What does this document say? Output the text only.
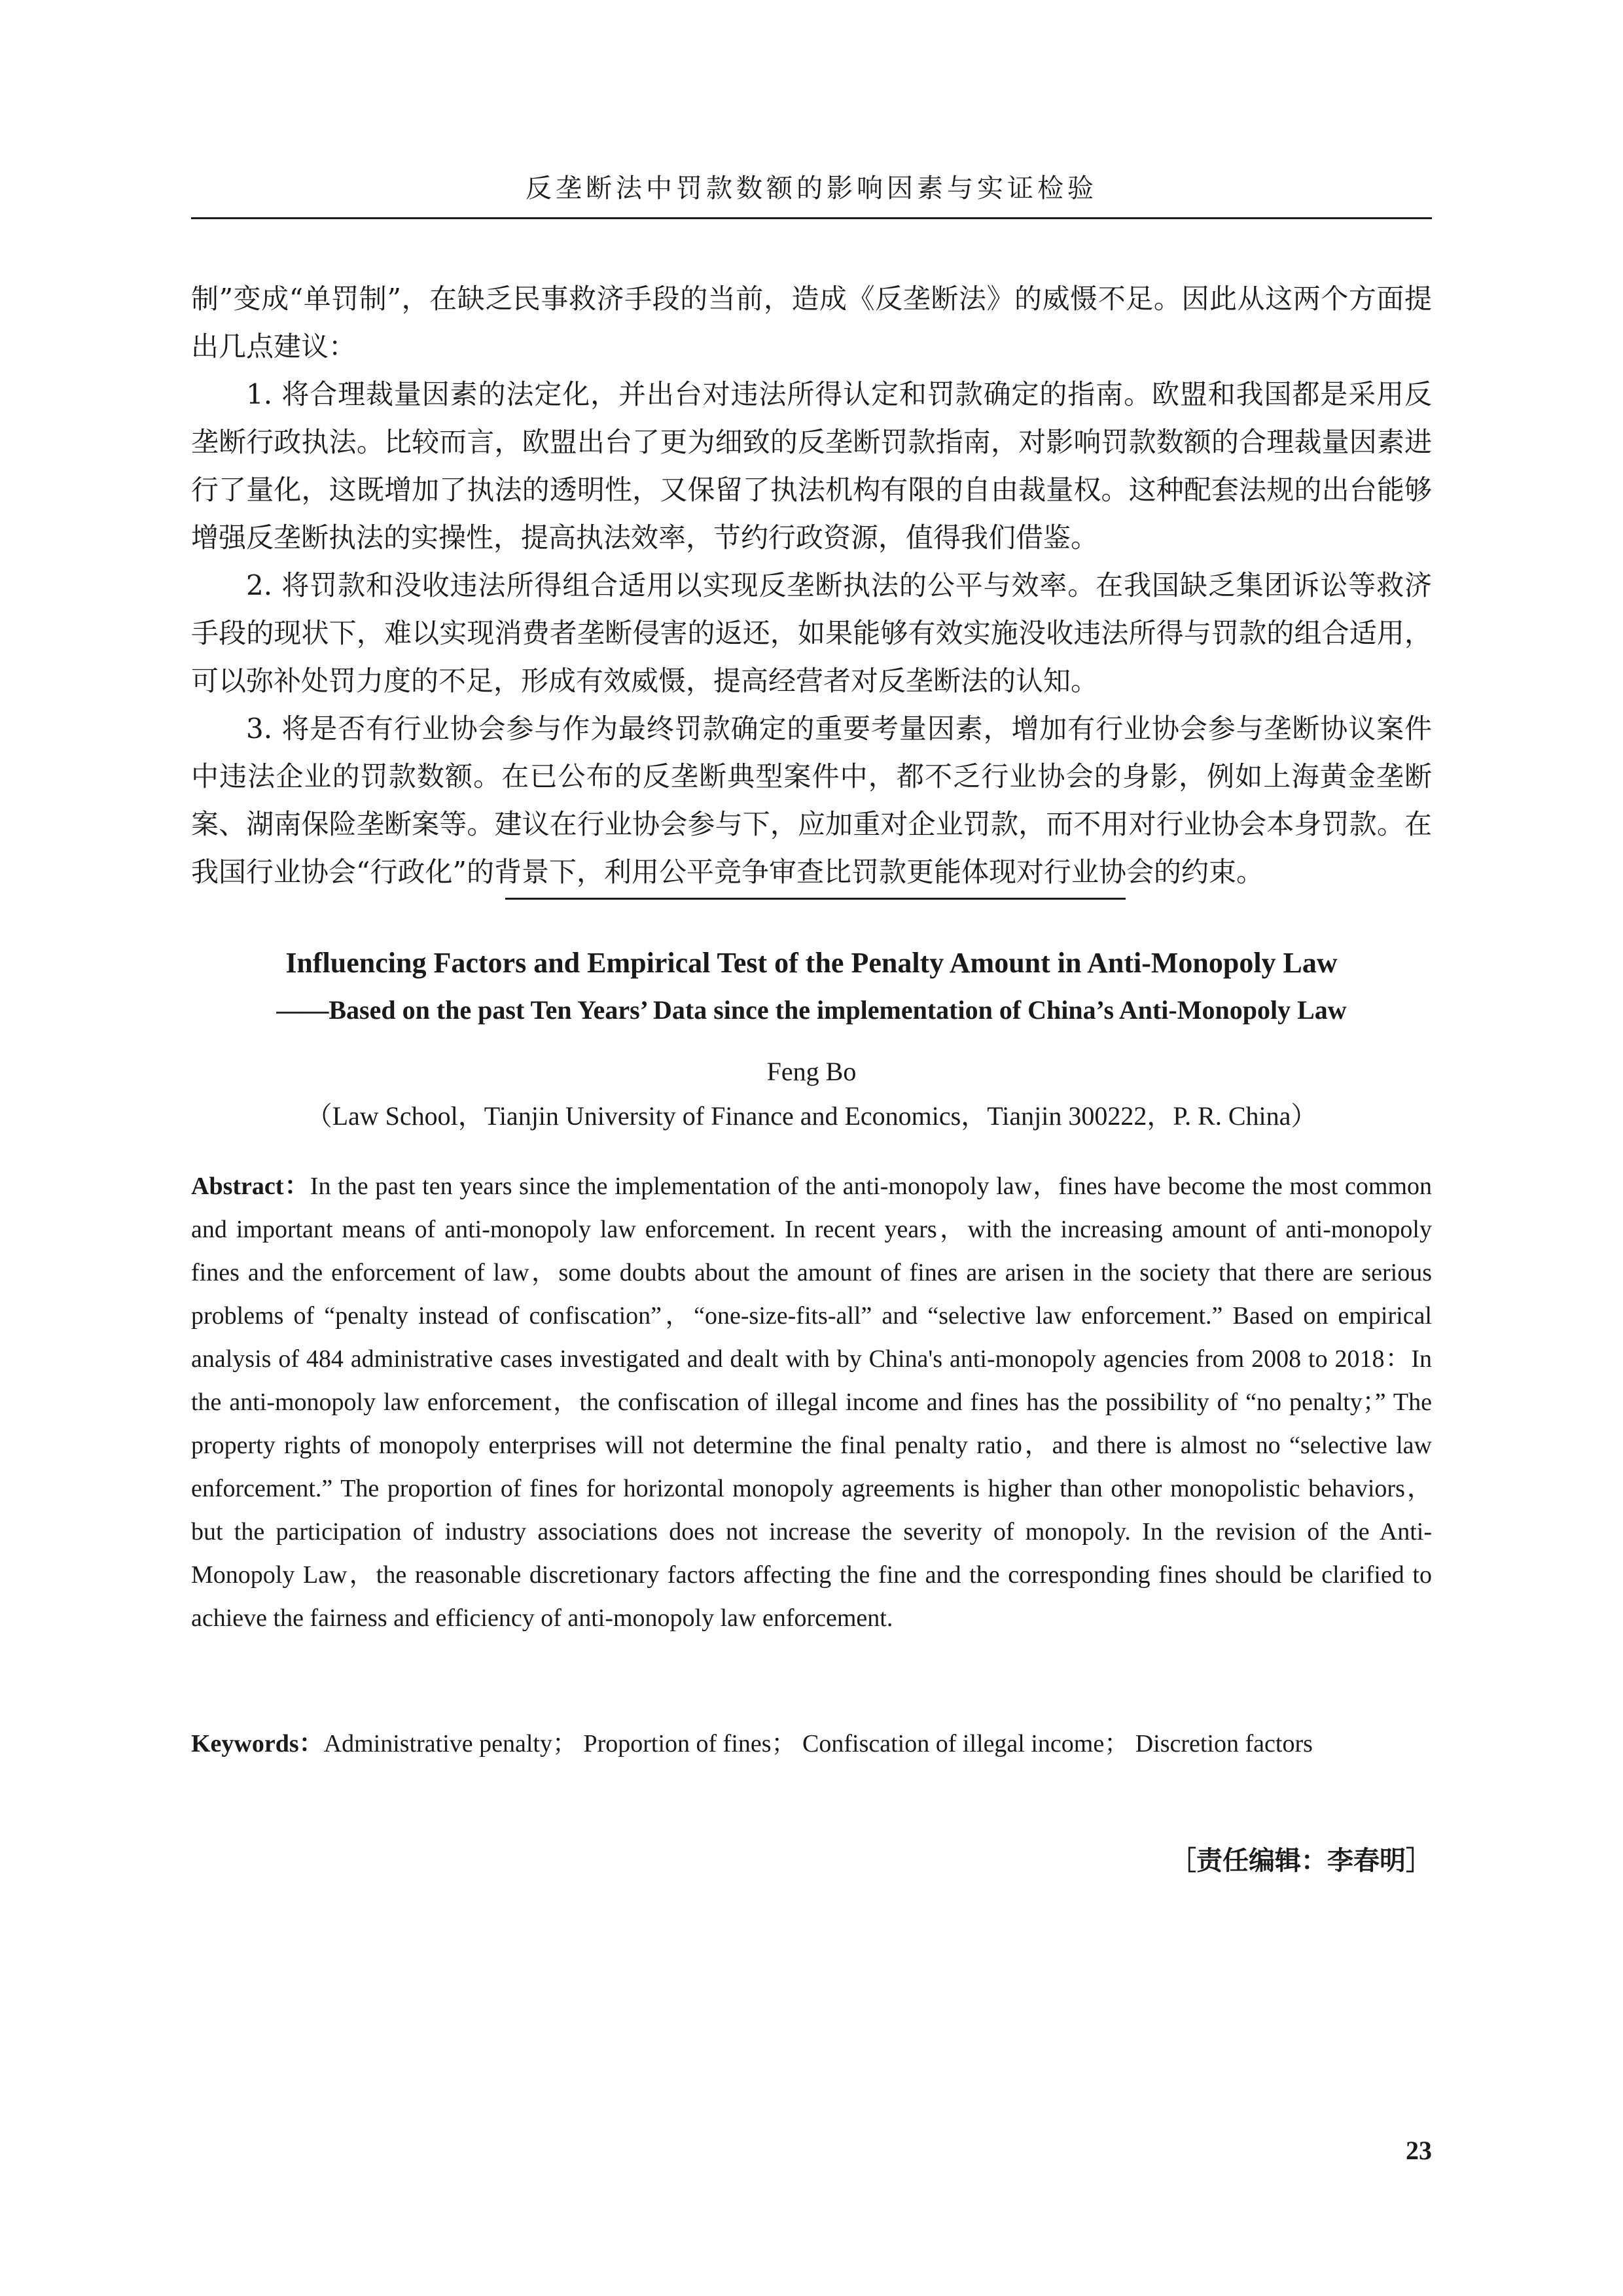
反垄断法中罚款数额的影响因素与实证检验

制”变成“单罚制”，在缺乏民事救济手段的当前，造成《反垄断法》的威慑不足。因此从这两个方面提出几点建议：

1. 将合理裁量因素的法定化，并出台对违法所得认定和罚款确定的指南。欧盟和我国都是采用反垄断行政执法。比较而言，欧盟出台了更为细致的反垄断罚款指南，对影响罚款数额的合理裁量因素进行了量化，这既增加了执法的透明性，又保留了执法机构有限的自由裁量权。这种配套法规的出台能够增强反垄断执法的实操性，提高执法效率，节约行政资源，值得我们借鉴。

2. 将罚款和没收违法所得组合适用以实现反垄断执法的公平与效率。在我国缺乏集团诉讼等救济手段的现状下，难以实现消费者垄断侵害的返还，如果能够有效实施没收违法所得与罚款的组合适用，可以弥补处罚力度的不足，形成有效威慑，提高经营者对反垄断法的认知。

3. 将是否有行业协会参与作为最终罚款确定的重要考量因素，增加有行业协会参与垄断协议案件中违法企业的罚款数额。在已公布的反垄断典型案件中，都不乏行业协会的身影，例如上海黄金垄断案、湖南保险垄断案等。建议在行业协会参与下，应加重对企业罚款，而不用对行业协会本身罚款。在我国行业协会“行政化”的背景下，利用公平竞争审查比罚款更能体现对行业协会的约束。

Influencing Factors and Empirical Test of the Penalty Amount in Anti-Monopoly Law
——Based on the past Ten Years’ Data since the implementation of China’s Anti-Monopoly Law
Feng Bo
（Law School，Tianjin University of Finance and Economics，Tianjin 300222，P. R. China）

Abstract：In the past ten years since the implementation of the anti-monopoly law，fines have become the most common and important means of anti-monopoly law enforcement. In recent years，with the increasing amount of anti-monopoly fines and the enforcement of law，some doubts about the amount of fines are arisen in the society that there are serious problems of “penalty instead of confiscation”，“one-size-fits-all” and “selective law enforcement.” Based on empirical analysis of 484 administrative cases investigated and dealt with by China's anti-monopoly agencies from 2008 to 2018：In the anti-monopoly law enforcement，the confiscation of illegal income and fines has the possibility of “no penalty；” The property rights of monopoly enterprises will not determine the final penalty ratio，and there is almost no “selective law enforcement.” The proportion of fines for horizontal monopoly agreements is higher than other monopolistic behaviors，but the participation of industry associations does not increase the severity of monopoly. In the revision of the Anti-Monopoly Law，the reasonable discretionary factors affecting the fine and the corresponding fines should be clarified to achieve the fairness and efficiency of anti-monopoly law enforcement.

Keywords：Administrative penalty； Proportion of fines； Confiscation of illegal income； Discretion factors

［责任编辑：李春明］
23
